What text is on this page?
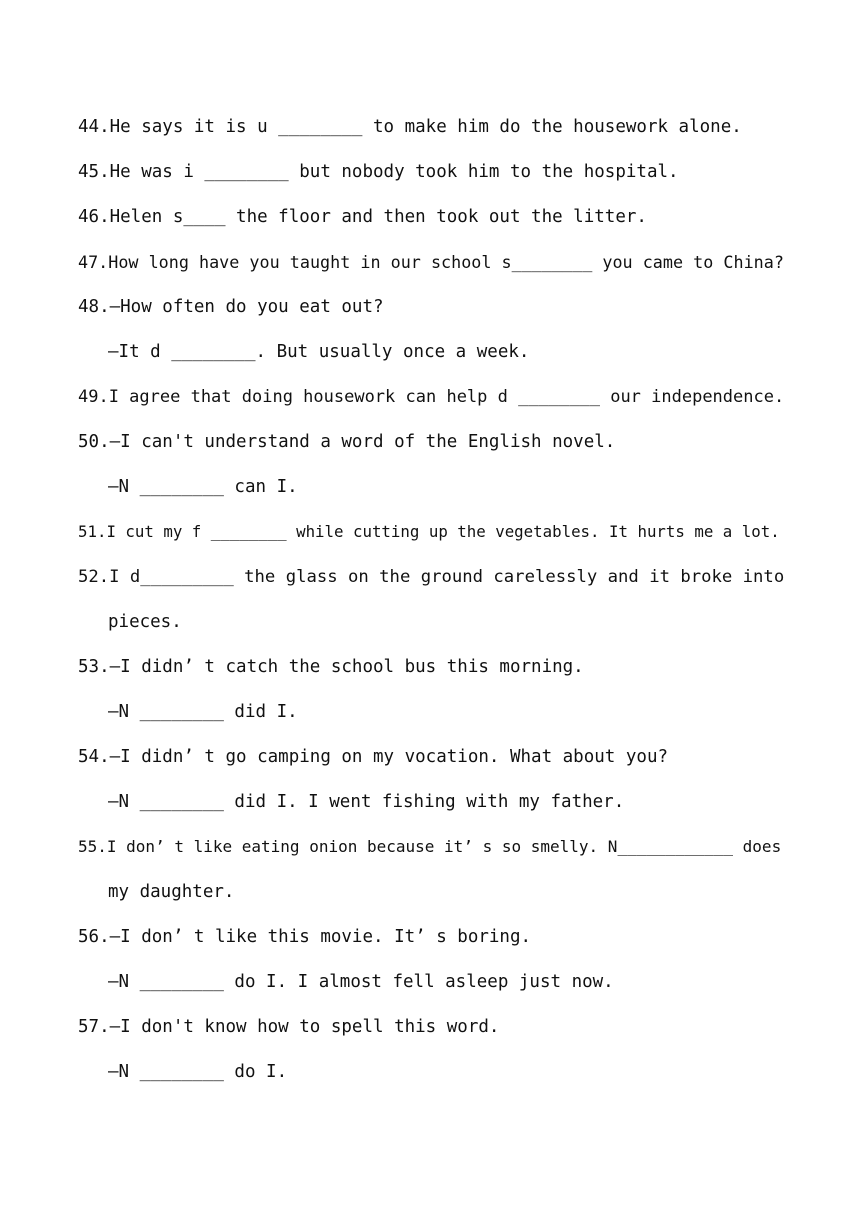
44.He says it is u ________ to make him do the housework alone.
45.He was i ________ but nobody took him to the hospital.
46.Helen s____ the floor and then took out the litter.
47.How long have you taught in our school s________ you came to China?
48.—How often do you eat out?
—It d ________. But usually once a week.
49.I agree that doing housework can help d ________ our independence.
50.—I can't understand a word of the English novel.
—N ________ can I.
51.I cut my f ________ while cutting up the vegetables. It hurts me a lot.
52.I d_________ the glass on the ground carelessly and it broke into
pieces.
53.—I didn’ t catch the school bus this morning.
—N ________ did I.
54.—I didn’ t go camping on my vocation. What about you?
—N ________ did I. I went fishing with my father.
55.I don’ t like eating onion because it’ s so smelly. N____________ does
my daughter.
56.—I don’ t like this movie. It’ s boring.
—N ________ do I. I almost fell asleep just now.
57.—I don't know how to spell this word.
—N ________ do I.
